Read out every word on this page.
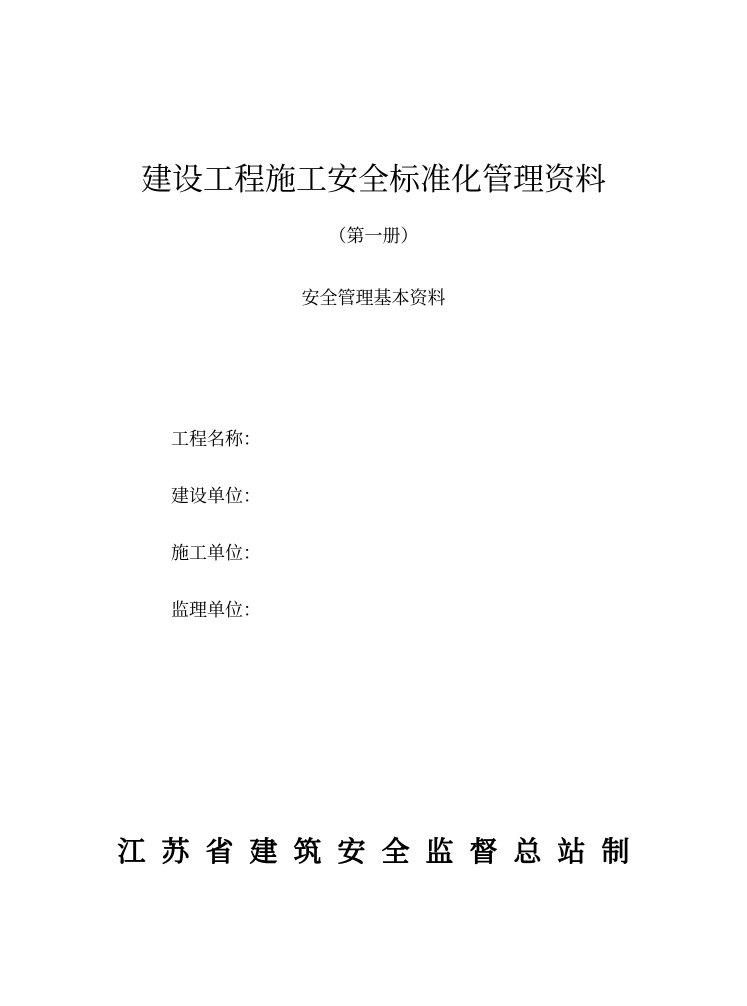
建设工程施工安全标准化管理资料
（第一册）
安全管理基本资料
工程名称：
建设单位：
施工单位：
监理单位：
江苏省建筑安全监督总站制
